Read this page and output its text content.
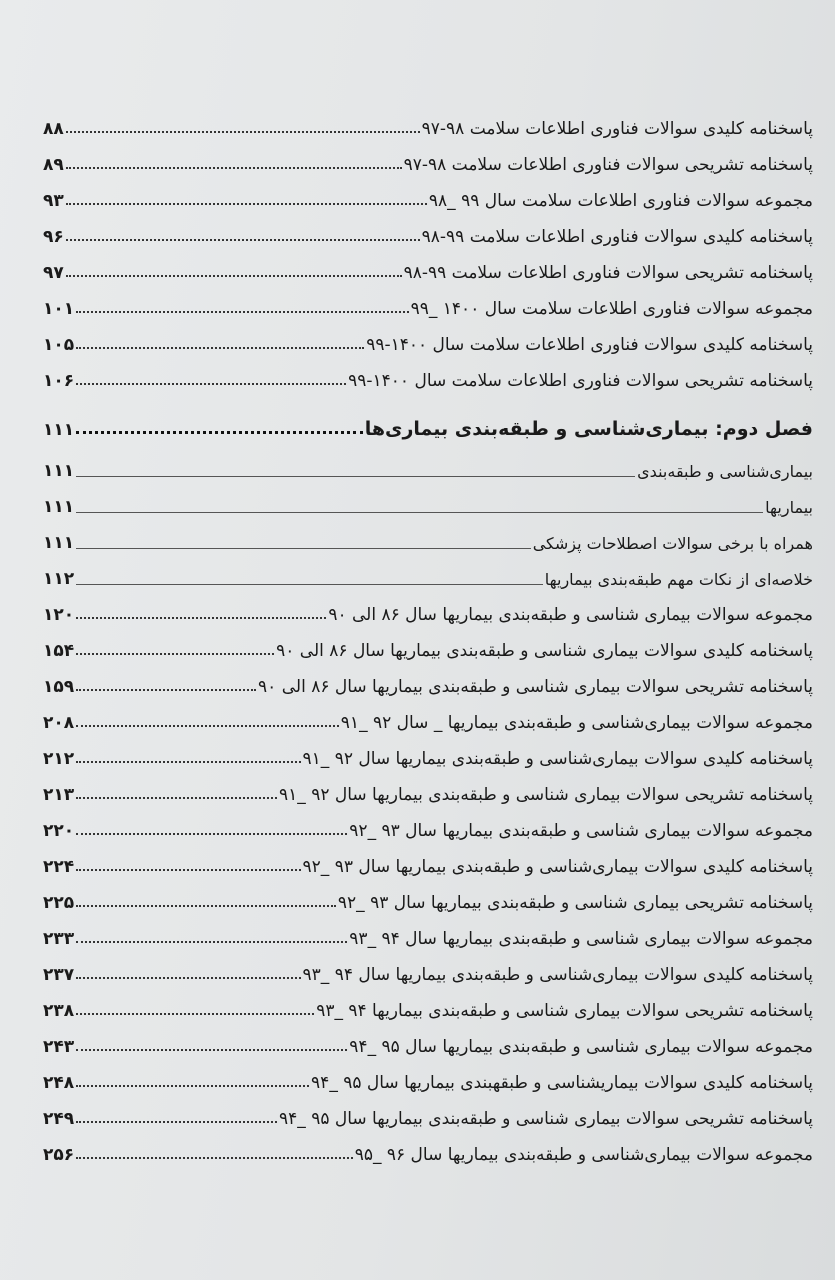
پاسخنامه کلیدی سوالات فناوری اطلاعات سلامت ۹۸-۹۷
۸۸
پاسخنامه تشریحی سوالات فناوری اطلاعات سلامت ۹۸-۹۷
۸۹
مجموعه سوالات فناوری اطلاعات سلامت سال ۹۹ _۹۸
۹۳
پاسخنامه کلیدی سوالات فناوری اطلاعات سلامت ۹۹-۹۸
۹۶
پاسخنامه تشریحی سوالات فناوری اطلاعات سلامت ۹۹-۹۸
۹۷
مجموعه سوالات فناوری اطلاعات سلامت سال ۱۴۰۰ _۹۹
۱۰۱
پاسخنامه کلیدی سوالات فناوری اطلاعات سلامت سال ۱۴۰۰-۹۹
۱۰۵
پاسخنامه تشریحی سوالات فناوری اطلاعات سلامت سال ۱۴۰۰-۹۹
۱۰۶
فصل دوم: بیماری‌شناسی و طبقه‌بندی بیماری‌ها
۱۱۱
بیماری‌شناسی و طبقه‌بندی
۱۱۱
بیماریها
۱۱۱
همراه با برخی سوالات اصطلاحات پزشکی
۱۱۱
خلاصه‌ای از نکات مهم طبقه‌بندی بیماریها
۱۱۲
مجموعه سوالات بیماری شناسی و طبقه‌بندی بیماریها سال ۸۶ الی ۹۰
۱۲۰
پاسخنامه کلیدی سوالات بیماری شناسی و طبقه‌بندی بیماریها سال ۸۶ الی ۹۰
۱۵۴
پاسخنامه تشریحی سوالات بیماری شناسی و طبقه‌بندی بیماریها سال ۸۶ الی ۹۰
۱۵۹
مجموعه سوالات بیماری‌شناسی و طبقه‌بندی بیماریها _ سال ۹۲ _۹۱
۲۰۸
پاسخنامه کلیدی سوالات بیماری‌شناسی و طبقه‌بندی بیماریها سال ۹۲ _۹۱
۲۱۲
پاسخنامه تشریحی سوالات بیماری شناسی و طبقه‌بندی بیماریها سال ۹۲ _۹۱
۲۱۳
مجموعه سوالات بیماری شناسی و طبقه‌بندی بیماریها سال ۹۳ _۹۲
۲۲۰
پاسخنامه کلیدی سوالات بیماری‌شناسی و طبقه‌بندی بیماریها سال ۹۳ _۹۲
۲۲۴
پاسخنامه تشریحی بیماری شناسی و طبقه‌بندی بیماریها سال ۹۳ _۹۲
۲۲۵
مجموعه سوالات بیماری شناسی و طبقه‌بندی بیماریها سال ۹۴ _۹۳
۲۳۳
پاسخنامه کلیدی سوالات بیماری‌شناسی و طبقه‌بندی بیماریها سال ۹۴ _۹۳
۲۳۷
پاسخنامه تشریحی سوالات بیماری شناسی و طبقه‌بندی بیماریها ۹۴ _۹۳
۲۳۸
مجموعه سوالات بیماری شناسی و طبقه‌بندی بیماریها سال ۹۵ _۹۴
۲۴۳
پاسخنامه کلیدی سوالات بیماریشناسی و طبقهبندی بیماریها سال ۹۵ _۹۴
۲۴۸
پاسخنامه تشریحی سوالات بیماری شناسی و طبقه‌بندی بیماریها سال ۹۵ _۹۴
۲۴۹
مجموعه سوالات بیماری‌شناسی و طبقه‌بندی بیماریها سال ۹۶ _۹۵
۲۵۶
